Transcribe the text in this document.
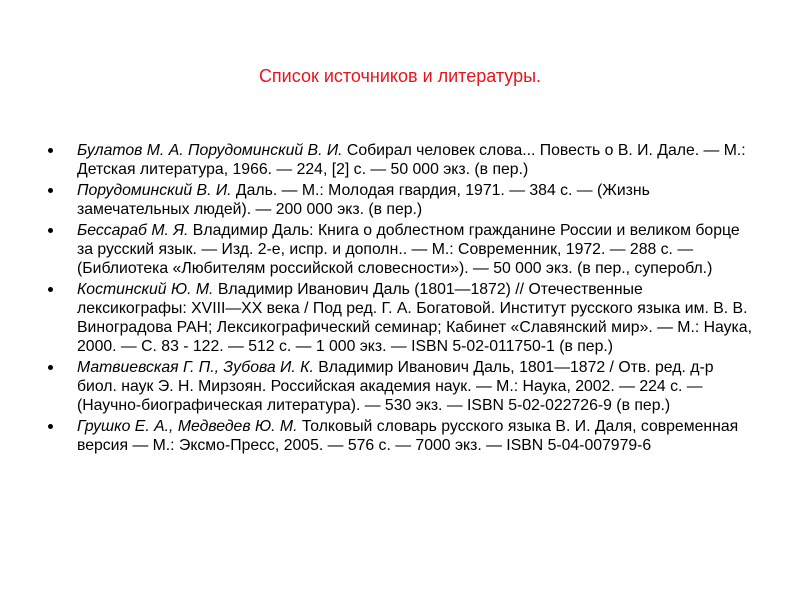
Список источников и литературы.
Булатов М. А. Порудоминский В. И. Собирал человек слова... Повесть о В. И. Дале. — М.: Детская литература, 1966. — 224, [2] с. — 50 000 экз. (в пер.)
Порудоминский В. И. Даль. — М.: Молодая гвардия, 1971. — 384 с. — (Жизнь замечательных людей). — 200 000 экз. (в пер.)
Бессараб М. Я. Владимир Даль: Книга о доблестном гражданине России и великом борце за русский язык. — Изд. 2-е, испр. и дополн.. — М.: Современник, 1972. — 288 с. — (Библиотека «Любителям российской словесности»). — 50 000 экз. (в пер., суперобл.)
Костинский Ю. М. Владимир Иванович Даль (1801—1872) // Отечественные лексикографы: XVIII—XX века / Под ред. Г. А. Богатовой. Институт русского языка им. В. В. Виноградова РАН; Лексикографический семинар; Кабинет «Славянский мир». — М.: Наука, 2000. — С. 83 - 122. — 512 с. — 1 000 экз. — ISBN 5-02-011750-1 (в пер.)
Матвиевская Г. П., Зубова И. К. Владимир Иванович Даль, 1801—1872 / Отв. ред. д-р биол. наук Э. Н. Мирзоян. Российская академия наук. — М.: Наука, 2002. — 224 с. — (Научно-биографическая литература). — 530 экз. — ISBN 5-02-022726-9 (в пер.)
Грушко Е. А., Медведев Ю. М. Толковый словарь русского языка В. И. Даля, современная версия — М.: Эксмо-Пресс, 2005. — 576 с. — 7000 экз. — ISBN 5-04-007979-6
